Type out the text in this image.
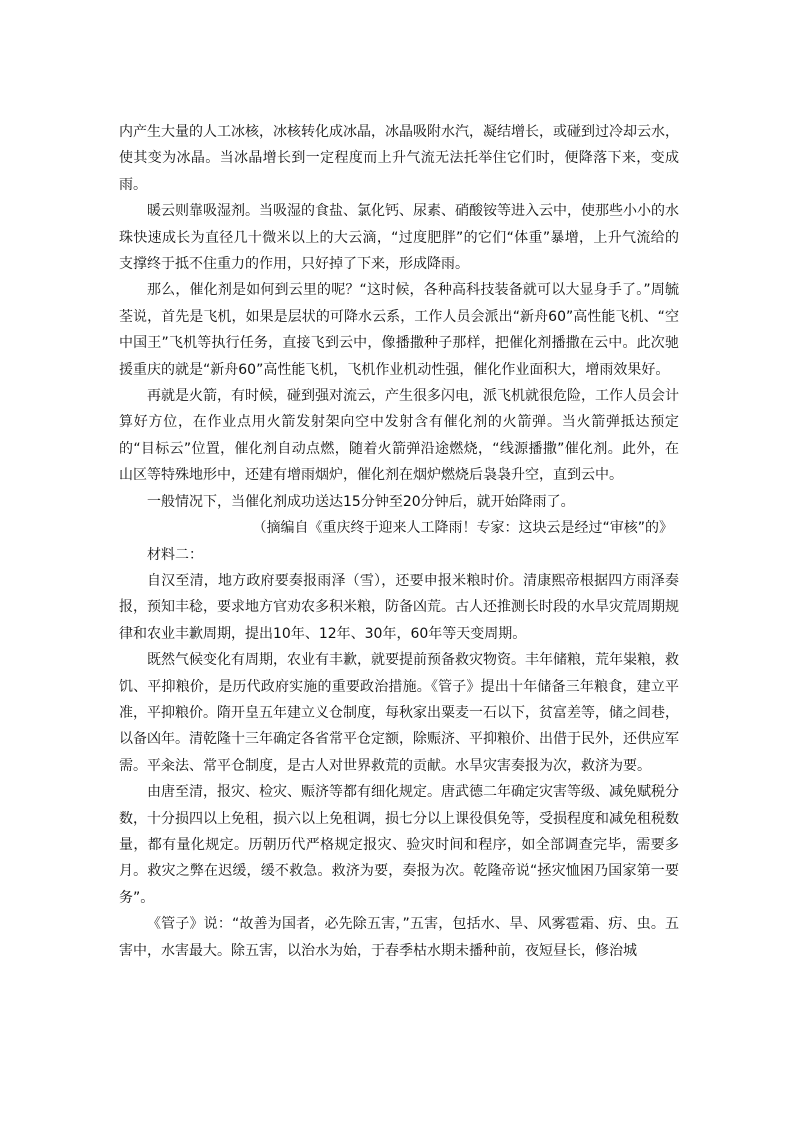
内产生大量的人工冰核，冰核转化成冰晶，冰晶吸附水汽，凝结增长，或碰到过冷却云水，使其变为冰晶。当冰晶增长到一定程度而上升气流无法托举住它们时，便降落下来，变成雨。

暖云则靠吸湿剂。当吸湿的食盐、氯化钙、尿素、硝酸铵等进入云中，使那些小小的水珠快速成长为直径几十微米以上的大云滴，“过度肥胖”的它们“体重”暴增，上升气流给的支撑终于抵不住重力的作用，只好掉了下来，形成降雨。

那么，催化剂是如何到云里的呢？“这时候，各种高科技装备就可以大显身手了。”周毓荃说，首先是飞机，如果是层状的可降水云系，工作人员会派出“新舟60”高性能飞机、“空中国王”飞机等执行任务，直接飞到云中，像播撒种子那样，把催化剂播撒在云中。此次驰援重庆的就是“新舟60”高性能飞机，飞机作业机动性强，催化作业面积大，增雨效果好。

再就是火箭，有时候，碰到强对流云，产生很多闪电，派飞机就很危险，工作人员会计算好方位，在作业点用火箭发射架向空中发射含有催化剂的火箭弹。当火箭弹抵达预定的“目标云”位置，催化剂自动点燃，随着火箭弹沿途燃烧，“线源播撒”催化剂。此外，在山区等特殊地形中，还建有增雨烟炉，催化剂在烟炉燃烧后袅袅升空，直到云中。

一般情况下，当催化剂成功送达15分钟至20分钟后，就开始降雨了。

（摘编自《重庆终于迎来人工降雨！专家：这块云是经过“审核”的》

材料二：

自汉至清，地方政府要奏报雨泽（雪），还要申报米粮时价。清康熙帝根据四方雨泽奏报，预知丰稔，要求地方官劝农多积米粮，防备凶荒。古人还推测长时段的水旱灾荒周期规律和农业丰歉周期，提出10年、12年、30年，60年等天变周期。

既然气候变化有周期，农业有丰歉，就要提前预备救灾物资。丰年储粮，荒年粜粮，救饥、平抑粮价，是历代政府实施的重要政治措施。《管子》提出十年储备三年粮食，建立平准，平抑粮价。隋开皇五年建立义仓制度，每秋家出粟麦一石以下，贫富差等，储之闾巷，以备凶年。清乾隆十三年确定各省常平仓定额，除赈济、平抑粮价、出借于民外，还供应军需。平籴法、常平仓制度，是古人对世界救荒的贡献。水旱灾害奏报为次，救济为要。

由唐至清，报灾、检灾、赈济等都有细化规定。唐武德二年确定灾害等级、减免赋税分数，十分损四以上免租，损六以上免租调，损七分以上课役俱免等，受损程度和减免租税数量，都有量化规定。历朝历代严格规定报灾、验灾时间和程序，如全部调查完毕，需要多月。救灾之弊在迟缓，缓不救急。救济为要，奏报为次。乾隆帝说“拯灾恤困乃国家第一要务”。

《管子》说：“故善为国者，必先除五害，”五害，包括水、旱、风雾雹霜、疠、虫。五害中，水害最大。除五害，以治水为始，于春季枯水期未播种前，夜短昼长，修治城
